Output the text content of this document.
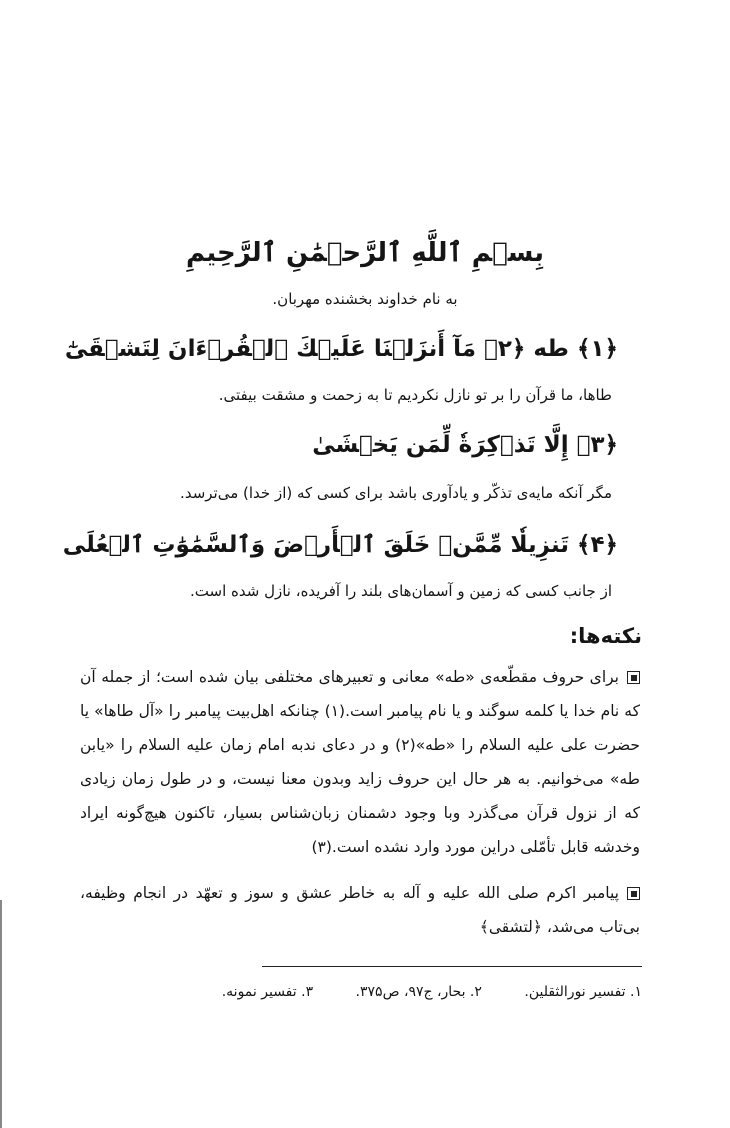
بِسۡمِ ٱللَّهِ ٱلرَّحۡمَٰنِ ٱلرَّحِيمِ
به نام خداوند بخشنده مهربان.
﴿۱﴾ طه ﴿۲﴾ مَآ أَنزَلۡنَا عَلَيۡكَ ٱلۡقُرۡءَانَ لِتَشۡقَىٰٓ
طاها، ما قرآن را بر تو نازل نكرديم تا به زحمت و مشقت بيفتى.
﴿۳﴾ إِلَّا تَذۡكِرَةٗ لِّمَن يَخۡشَىٰ
مگر آنكه مايه‌ى تذكّر و يادآورى باشد براى كسى كه (از خدا) مى‌ترسد.
﴿۴﴾ تَنزِيلٗا مِّمَّنۡ خَلَقَ ٱلۡأَرۡضَ وَٱلسَّمَٰوَٰتِ ٱلۡعُلَى
از جانب كسى كه زمين و آسمان‌هاى بلند را آفريده، نازل شده است.
نكته‌ها:
براى حروف مقطّعه‌ى «طه» معانى و تعبيرهاى مختلفى بيان شده است؛ از جمله آن كه نام خدا يا كلمه سوگند و يا نام پيامبر است.(۱) چنانكه اهل‌بيت پيامبر را «آل طاها» يا حضرت على عليه السلام را «طه»(۲) و در دعاى ندبه امام زمان عليه السلام را «يابن طه» مى‌خوانيم. به هر حال اين حروف زايد وبدون معنا نيست، و در طول زمان زيادى كه از نزول قرآن مى‌گذرد وبا وجود دشمنان زبان‌شناس بسيار، تاكنون هيچ‌گونه ايراد وخدشه قابل تأمّلى دراين مورد وارد نشده است.(۳)
پيامبر اكرم صلى الله عليه و آله به خاطر عشق و سوز و تعهّد در انجام وظيفه، بى‌تاب مى‌شد، ﴿لتشقى﴾
۱. تفسير نورالثقلين. ۲. بحار، ج۹۷، ص۳۷۵. ۳. تفسير نمونه.
